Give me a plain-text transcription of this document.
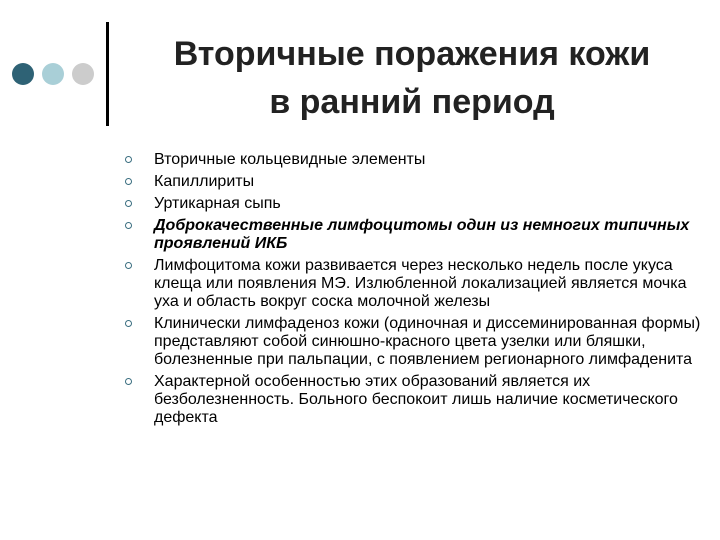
Вторичные поражения кожи
в ранний период
Вторичные кольцевидные элементы
Капиллириты
Уртикарная сыпь
Доброкачественные лимфоцитомы один из немногих типичных проявлений ИКБ
Лимфоцитома кожи развивается через несколько недель после укуса клеща или появления МЭ. Излюбленной локализацией является мочка уха и область вокруг соска молочной железы
Клинически лимфаденоз кожи (одиночная и диссеминированная формы) представляют собой синюшно-красного цвета узелки или бляшки, болезненные при пальпации, с появлением регионарного лимфаденита
Характерной особенностью этих образований является их безболезненность. Больного беспокоит лишь наличие косметического дефекта
